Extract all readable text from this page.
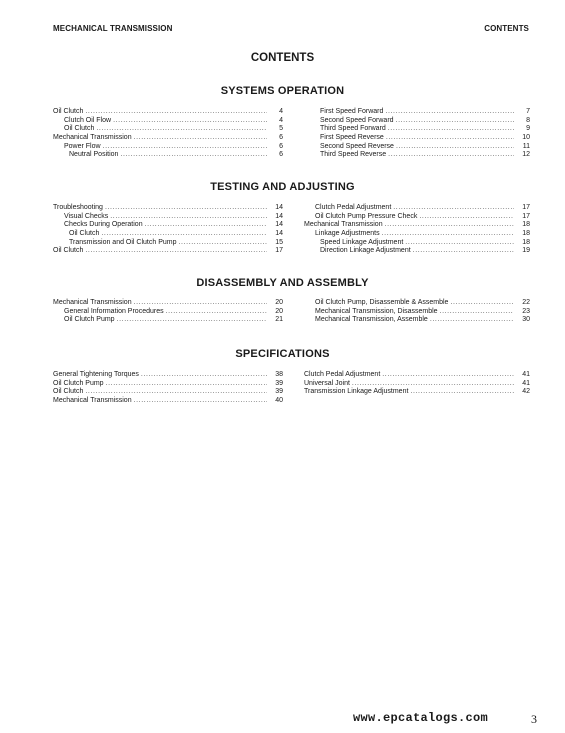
MECHANICAL TRANSMISSION	CONTENTS
CONTENTS
SYSTEMS OPERATION
Oil Clutch .....	4
Clutch Oil Flow .....	4
Oil Clutch .....	5
Mechanical Transmission .....	6
Power Flow .....	6
Neutral Position .....	6
First Speed Forward .....	7
Second Speed Forward .....	8
Third Speed Forward .....	9
First Speed Reverse .....	10
Second Speed Reverse .....	11
Third Speed Reverse .....	12
TESTING AND ADJUSTING
Troubleshooting .....	14
Visual Checks .....	14
Checks During Operation .....	14
Oil Clutch .....	14
Transmission and Oil Clutch Pump .....	15
Oil Clutch .....	17
Clutch Pedal Adjustment .....	17
Oil Clutch Pump Pressure Check .....	17
Mechanical Transmission .....	18
Linkage Adjustments .....	18
Speed Linkage Adjustment .....	18
Direction Linkage Adjustment .....	19
DISASSEMBLY AND ASSEMBLY
Mechanical Transmission .....	20
General Information Procedures .....	20
Oil Clutch Pump .....	21
Oil Clutch Pump, Disassemble & Assemble .....	22
Mechanical Transmission, Disassemble .....	23
Mechanical Transmission, Assemble .....	30
SPECIFICATIONS
General Tightening Torques .....	38
Oil Clutch Pump .....	39
Oil Clutch .....	39
Mechanical Transmission .....	40
Clutch Pedal Adjustment .....	41
Universal Joint .....	41
Transmission Linkage Adjustment .....	42
www.epcatalogs.com	3
